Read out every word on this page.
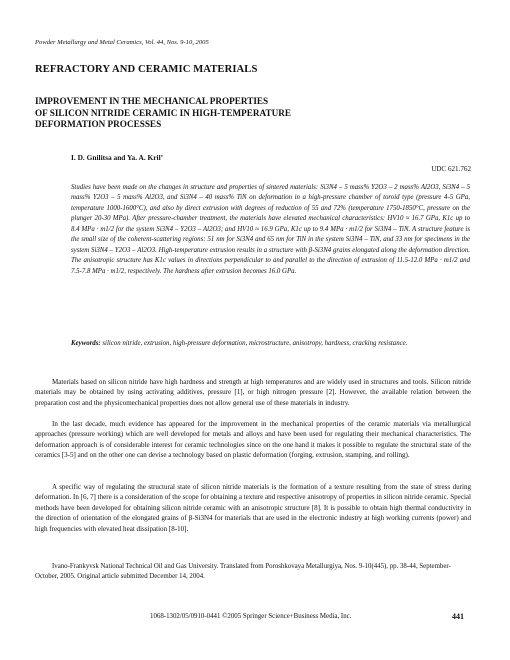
Powder Metallurgy and Metal Ceramics, Vol. 44, Nos. 9-10, 2005
REFRACTORY AND CERAMIC MATERIALS
IMPROVEMENT IN THE MECHANICAL PROPERTIES
OF SILICON NITRIDE CERAMIC IN HIGH-TEMPERATURE
DEFORMATION PROCESSES
I. D. Gnilitsa and Ya. A. Kril’
UDC 621.762

Studies have been made on the changes in structure and properties of sintered materials: Si3N4 – 5 mass% Y2O3 – 2 mass% Al2O3, Si3N4 – 5 mass% Y2O3 – 5 mass% Al2O3, and Si3N4 – 40 mass% TiN on deformation in a high-pressure chamber of toroid type (pressure 4-5 GPa, temperature 1000-1600°C), and also by direct extrusion with degrees of reduction of 55 and 72% (temperature 1750-1850°C, pressure on the plunger 20-30 MPa). After pressure-chamber treatment, the materials have elevated mechanical characteristics: HV10 ≈ 16.7 GPa, K1c up to 8.4 MPa · m1/2 for the system Si3N4 – Y2O3 – Al2O3; and HV10 ≈ 16.9 GPa, K1c up to 9.4 MPa · m1/2 for Si3N4 – TiN. A structure feature is the small size of the coherent-scattering regions: 51 nm for Si3N4 and 65 nm for TiN in the system Si3N4 – TiN, and 33 nm for specimens in the system Si3N4 – Y2O3 – Al2O3. High-temperature extrusion results in a structure with β-Si3N4 grains elongated along the deformation direction. The anisotropic structure has K1c values in directions perpendicular to and parallel to the direction of extrusion of 11.5-12.0 MPa · m1/2 and 7.5-7.8 MPa · m1/2, respectively. The hardness after extrusion becomes 16.0 GPa.

Keywords: silicon nitride, extrusion, high-pressure deformation, microstructure, anisotropy, hardness, cracking resistance.

Materials based on silicon nitride have high hardness and strength at high temperatures and are widely used in structures and tools. Silicon nitride materials may be obtained by using activating additives, pressure [1], or high nitrogen pressure [2]. However, the available relation between the preparation cost and the physicomechanical properties does not allow general use of these materials in industry.

In the last decade, much evidence has appeared for the improvement in the mechanical properties of the ceramic materials via metallurgical approaches (pressure working) which are well developed for metals and alloys and have been used for regulating their mechanical characteristics. The deformation approach is of considerable interest for ceramic technologies since on the one hand it makes it possible to regulate the structural state of the ceramics [3-5] and on the other one can devise a technology based on plastic deformation (forging, extrusion, stamping, and rolling).

A specific way of regulating the structural state of silicon nitride materials is the formation of a texture resulting from the state of stress during deformation. In [6, 7] there is a consideration of the scope for obtaining a texture and respective anisotropy of properties in silicon nitride ceramic. Special methods have been developed for obtaining silicon nitride ceramic with an anisotropic structure [8]. It is possible to obtain high thermal conductivity in the direction of orientation of the elongated grains of β-Si3N4 for materials that are used in the electronic industry at high working currents (power) and high frequencies with elevated heat dissipation [8-10].

Ivano-Frankyvsk National Technical Oil and Gas University. Translated from Poroshkovaya Metallurgiya, Nos. 9-10(445), pp. 38-44, September-October, 2005. Original article submitted December 14, 2004.

1068-1302/05/0910-0441 ©2005 Springer Science+Business Media, Inc.	441
